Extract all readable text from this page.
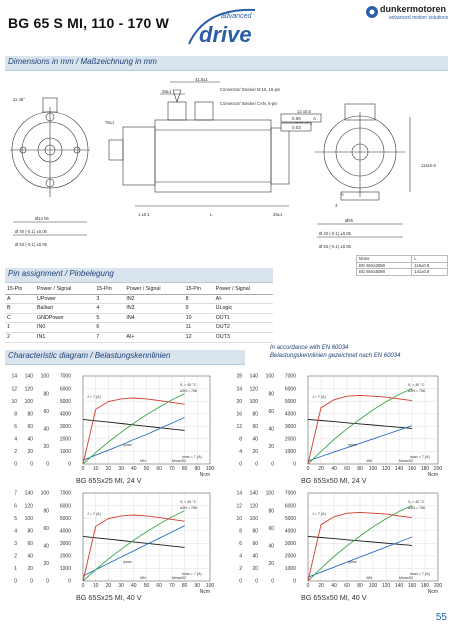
BG 65 S MI, 110 - 170 W	advanced
drive
dunkermotoren
advanced motion solutions
Dimensions in mm / Maßzeichnung in mm
2x 45°
41.5±1
28±1	Connector/ Stecker M 16, 15-pin
Connector/ Stecker CAN, 5-pin
76±1
L	25±1
1 ±0.1
12 ±0.5
114±0.5
Ø12 h6
Ø 40 (-0.1) ±0.05
Ø 63 (-0.1) ±0.05
Ø65
Ø 40 (-0.1) ±0.05
Ø 63 (-0.1) ±0.05
3
A
0.06	A
0.03
Motor	L
BG 65Sx25MI	116±0.8
BG 65Sx50MI	141±0.8
Pin assignment / Pinbelegung
15-Pin	Power / Signal	15-Pin	Power / Signal	15-Pin	Power / Signal
A	UPower	3	IN2	8	AI-
B	Ballast	4	IN3	9	ULogic
C	GNDPower	5	IN4	10	OUT1
1	IN0	6		11	OUT2
2	IN1	7	AI+	12	OUT3
Characteristic diagram / Belastungskennlinien
In accordance with EN 60034
Belastungskennlinien gezeichnet nach EN 60034
0
2
4
6
8
10
12
14
0
20
40
60
80
100
120
140
0
20
40
60
80
100
0
1000
2000
3000
4000
5000
6000
7000
0 10 20 30 40 50 60 70 80 90 100
Ncm
ϑ₁ = 40 °C
ΔϑN = 75K
J = 7 (A)
ηmax
MN	MmaxS2
Imax = 7 (A)
0
4
8
12
16
20
24
28
0
20
40
60
80
100
120
140
0
20
40
60
80
100
0
1000
2000
3000
4000
5000
6000
7000
0 20 40 60 80 100 120 140 160 180 200
Ncm
ϑ₁ = 40 °C
ΔϑN = 75K
J = 7 (A)
ηmax
MN	MmaxS2
Imax = 7 (A)
0
1
2
3
4
5
6
7
0
20
40
60
80
100
120
140
0
20
40
60
80
100
0
1000
2000
3000
4000
5000
6000
7000
0 10 20 30 40 50 60 70 80 90 100
Ncm
ϑ₁ = 40 °C
ΔϑN = 75K
J = 7 (A)
ηmax
MN	MmaxS2
Imax = 7 (A)
0
2
4
6
8
10
12
14
0
20
40
60
80
100
120
140
0
20
40
60
80
100
0
1000
2000
3000
4000
5000
6000
7000
0 20 40 60 80 100 120 140 160 180 200
Ncm
ϑ₁ = 40 °C
ΔϑN = 75K
J = 7 (A)
ηmax
MN	MmaxS2
Imax = 7 (A)
BG 65Sx25 MI, 24 V	BG 65Sx50 MI, 24 V
BG 65Sx25 MI, 40 V	BG 65Sx50 MI, 40 V
55
